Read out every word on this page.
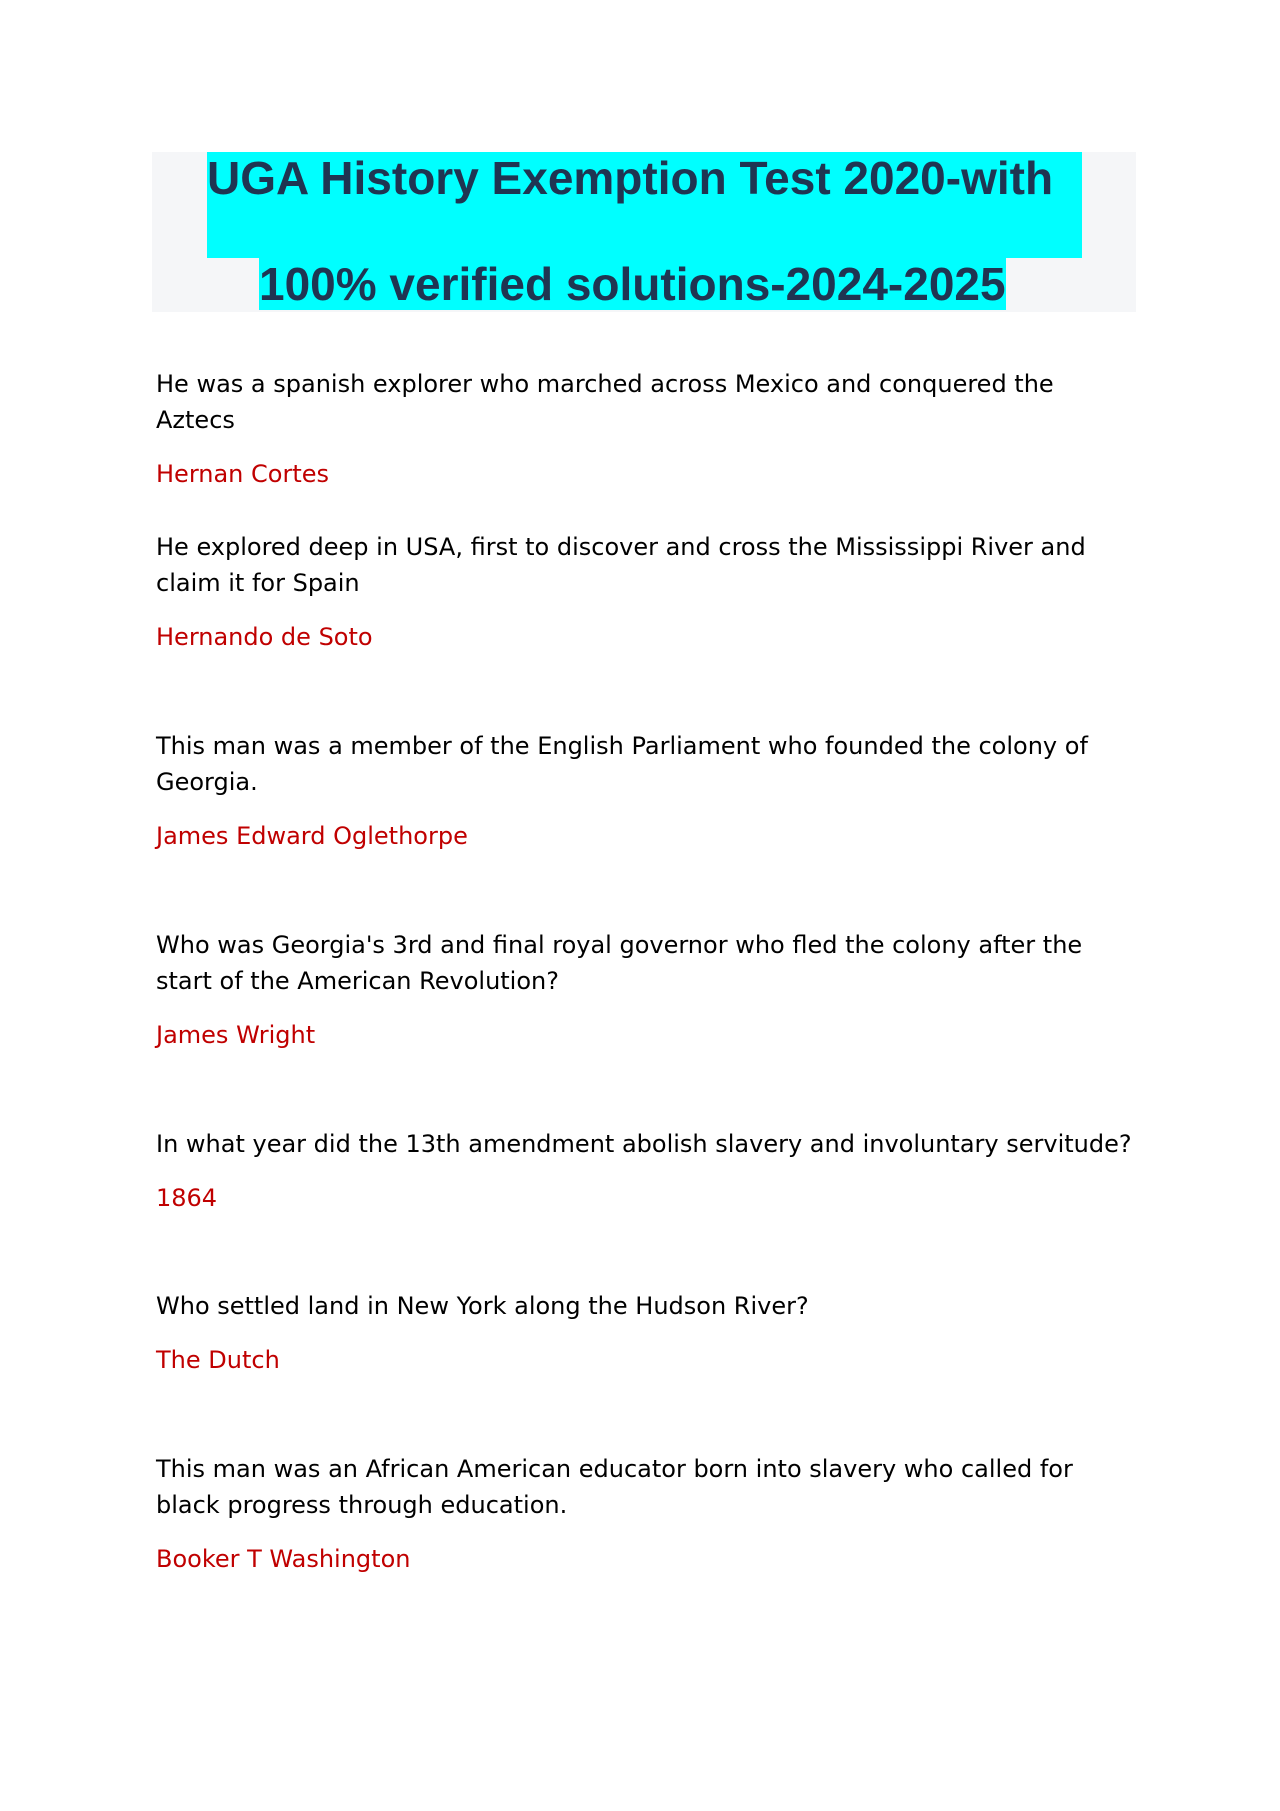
UGA History Exemption Test 2020-with
100% verified solutions-2024-2025

He was a spanish explorer who marched across Mexico and conquered the Aztecs

Hernan Cortes

He explored deep in USA, first to discover and cross the Mississippi River and claim it for Spain

Hernando de Soto

This man was a member of the English Parliament who founded the colony of Georgia.

James Edward Oglethorpe

Who was Georgia's 3rd and final royal governor who fled the colony after the start of the American Revolution?

James Wright

In what year did the 13th amendment abolish slavery and involuntary servitude?

1864

Who settled land in New York along the Hudson River?

The Dutch

This man was an African American educator born into slavery who called for black progress through education.

Booker T Washington
